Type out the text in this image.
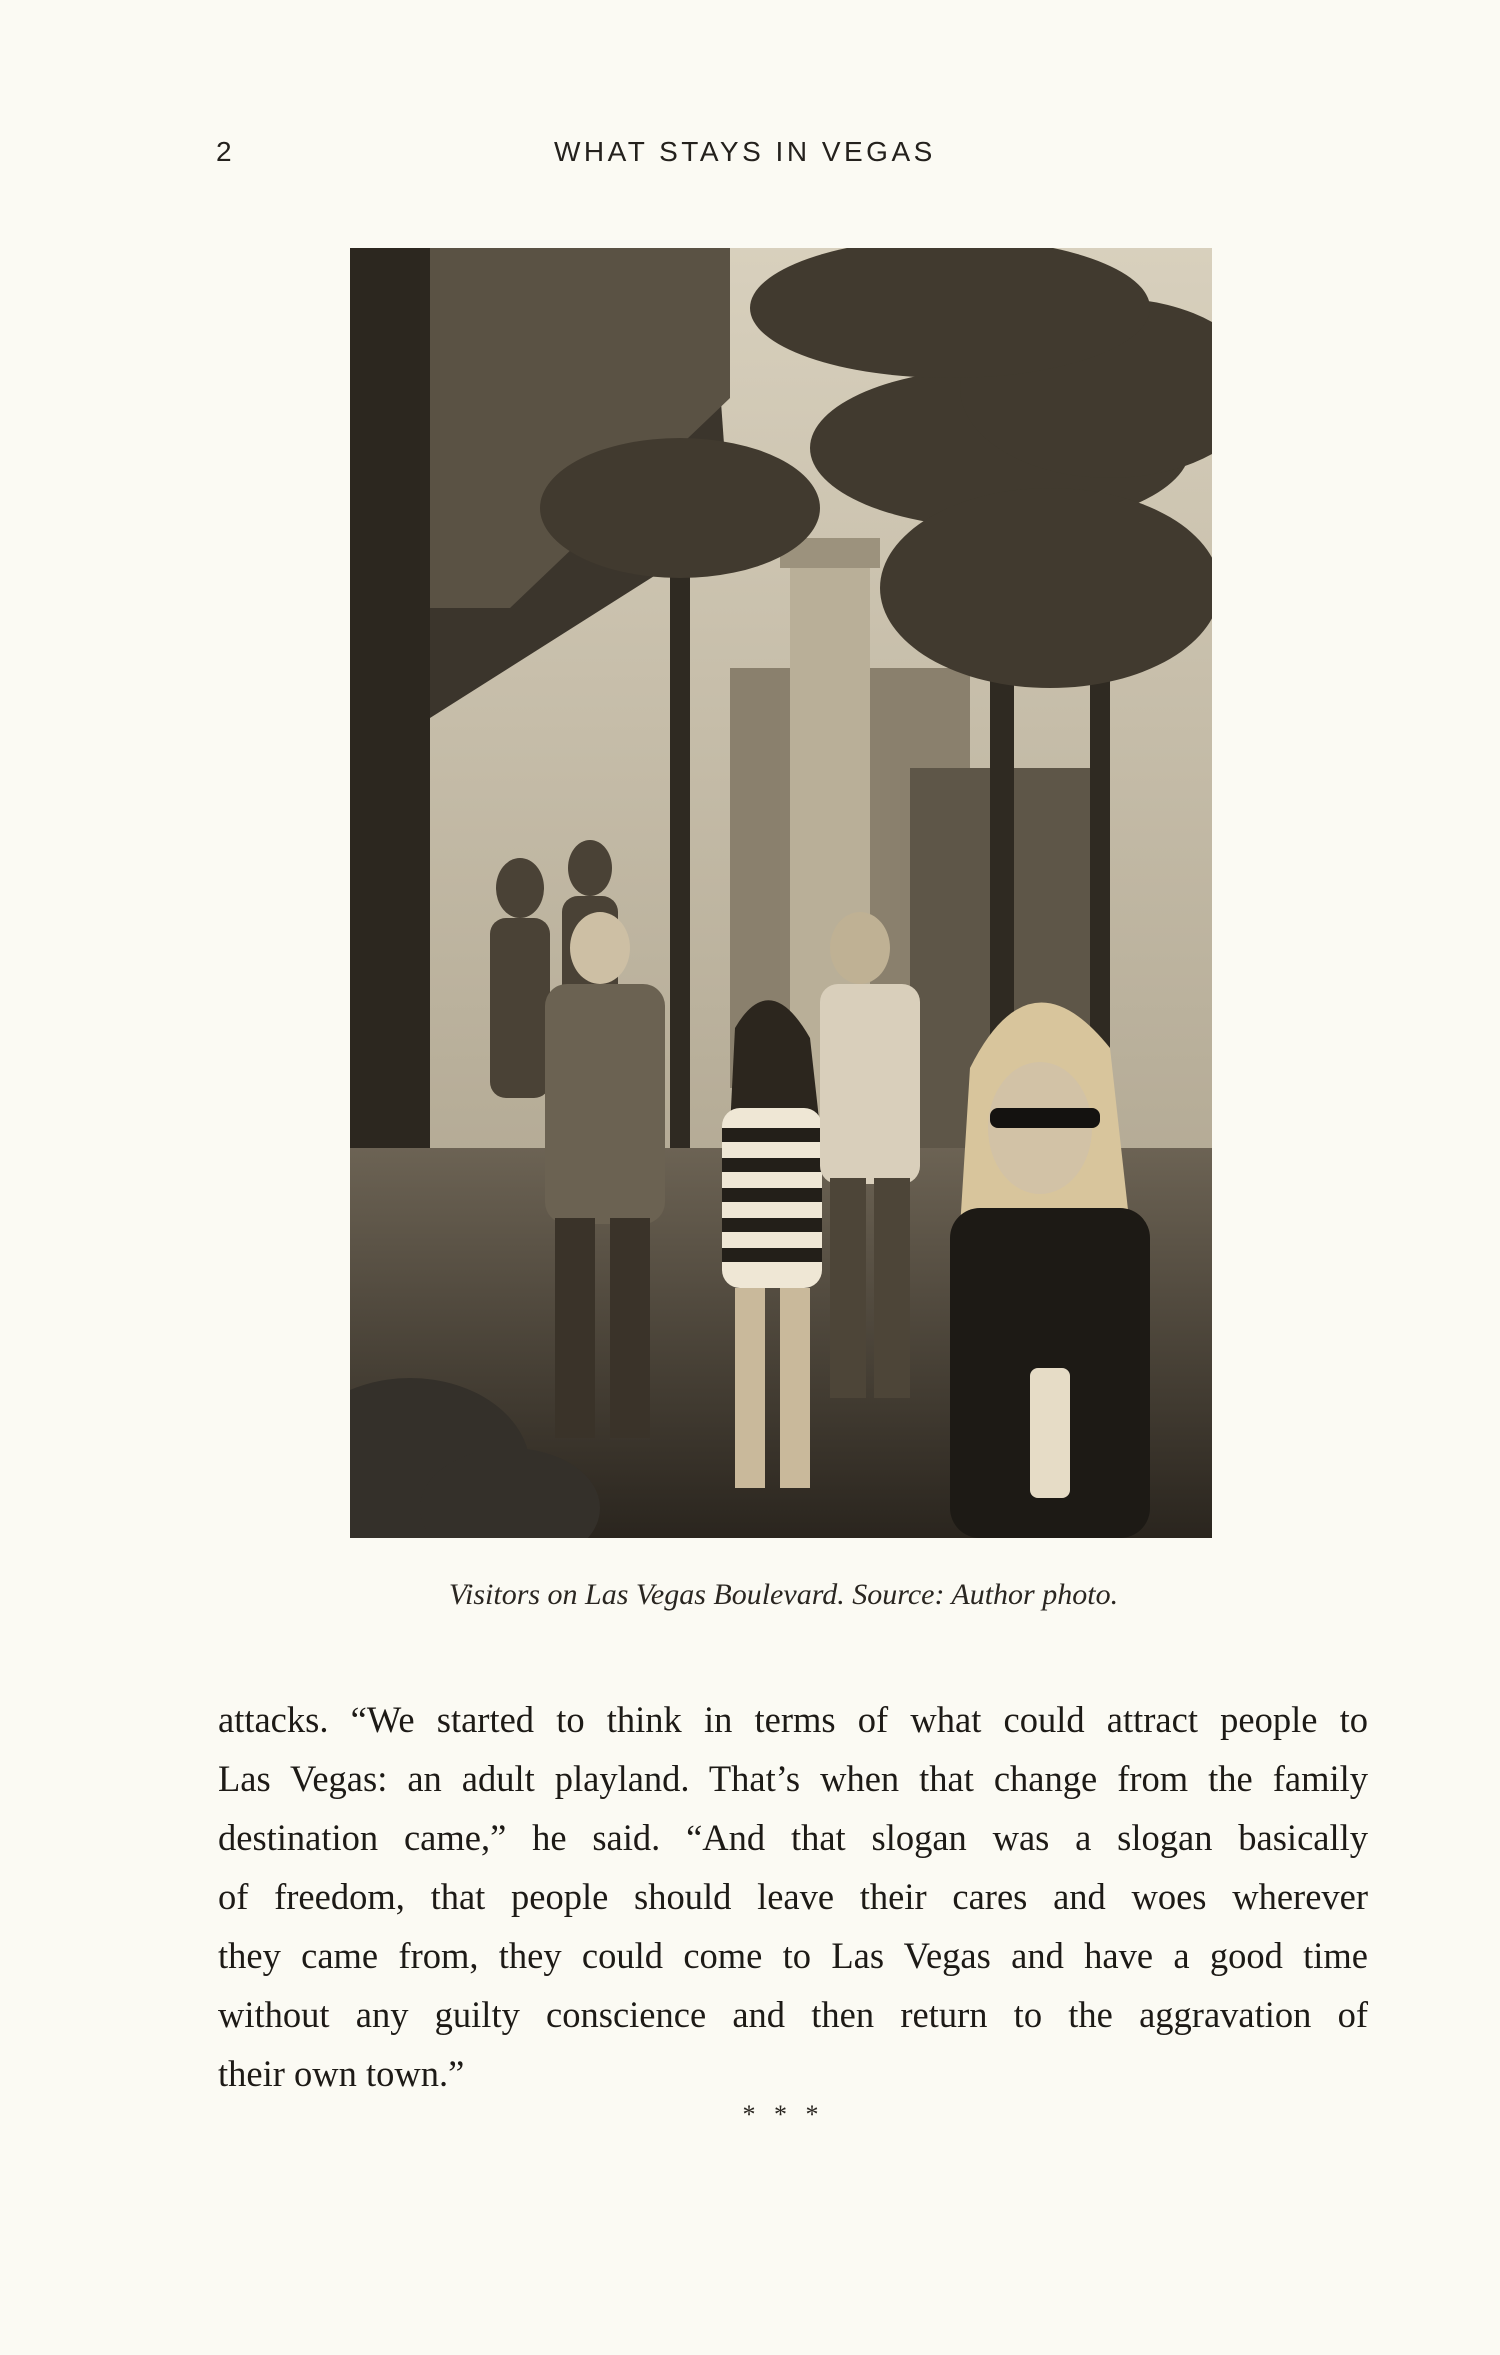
2	WHAT STAYS IN VEGAS
Visitors on Las Vegas Boulevard. Source: Author photo.

attacks. “We started to think in terms of what could attract people to
Las Vegas: an adult playland. That’s when that change from the family
destination came,” he said. “And that slogan was a slogan basically
of freedom, that people should leave their cares and woes wherever
they came from, they could come to Las Vegas and have a good time
without any guilty conscience and then return to the aggravation of
their own town.”

* * *
